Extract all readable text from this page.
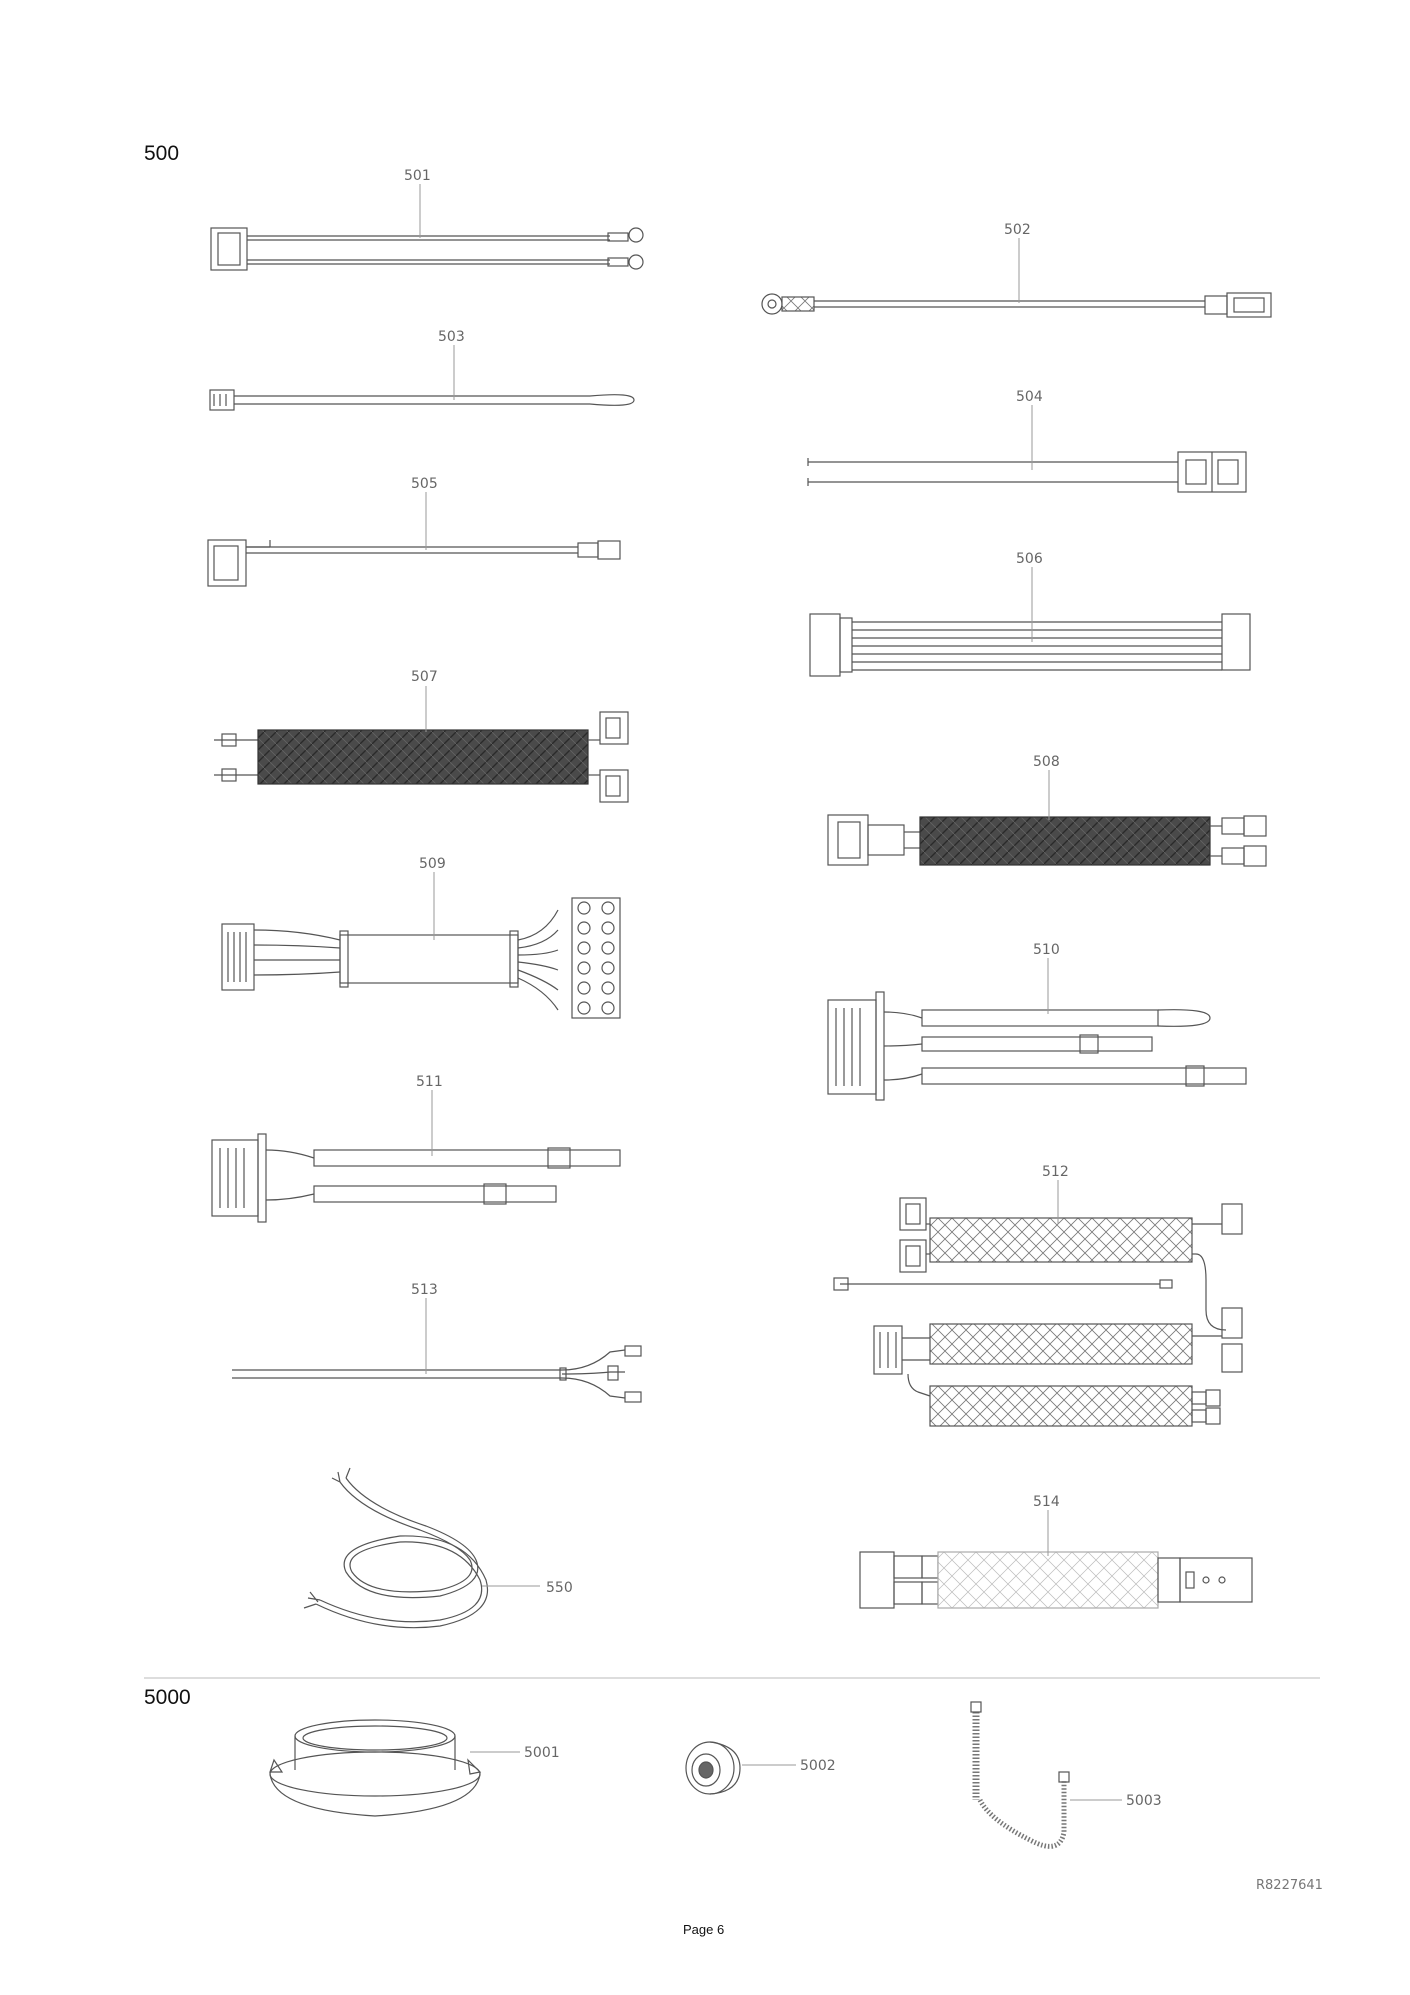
500
5000
R8227641
Page 6
501
502
503
504
505
506
507
508
509
510
511
512
513
550
514
5001
5002
5003
